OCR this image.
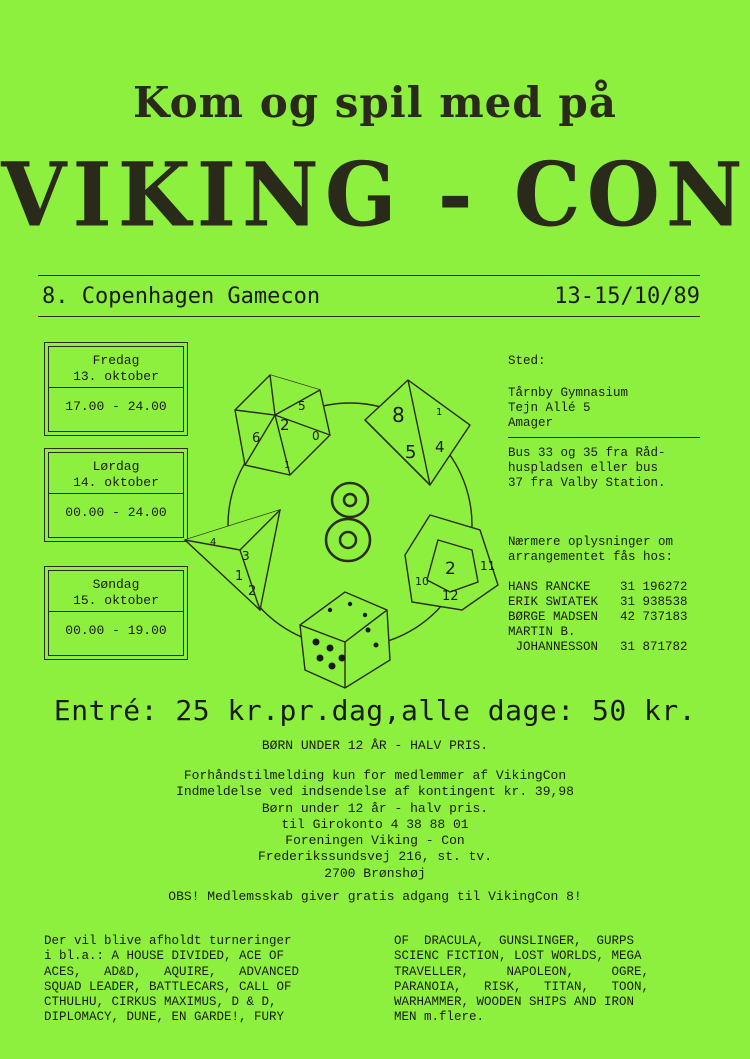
Kom og spil med på
VIKING - CON
8. Copenhagen Gamecon	13-15/10/89
Fredag
13. oktober
17.00 - 24.00
Lørdag
14. oktober
00.00 - 24.00
Søndag
15. oktober
00.00 - 19.00
2
5
0
6
1
8
5 4
1
1
2
3
4
10
2
12
11
Sted:
Tårnby Gymnasium
Tejn Allé 5
Amager
Bus 33 og 35 fra Råd-
huspladsen eller bus
37 fra Valby Station.
Nærmere oplysninger om
arrangementet fås hos:
HANS RANCKE 31 196272
ERIK SWIATEK 31 938538
BØRGE MADSEN 42 737183
MARTIN B.
JOHANNESSON 31 871782
Entré: 25 kr.pr.dag,alle dage: 50 kr.
BØRN UNDER 12 ÅR - HALV PRIS.
Forhåndstilmelding kun for medlemmer af VikingCon
Indmeldelse ved indsendelse af kontingent kr. 39,98
Børn under 12 år - halv pris.
til Girokonto 4 38 88 01
Foreningen Viking - Con
Frederikssundsvej 216, st. tv.
2700 Brønshøj
OBS! Medlemsskab giver gratis adgang til VikingCon 8!
Der vil blive afholdt turneringer
i bl.a.: A HOUSE DIVIDED, ACE OF
ACES,   AD&D,   AQUIRE,   ADVANCED
SQUAD LEADER, BATTLECARS, CALL OF
CTHULHU, CIRKUS MAXIMUS, D & D,
DIPLOMACY, DUNE, EN GARDE!, FURY
OF  DRACULA,  GUNSLINGER,  GURPS
SCIENC FICTION, LOST WORLDS, MEGA
TRAVELLER,     NAPOLEON,     OGRE,
PARANOIA,   RISK,   TITAN,   TOON,
WARHAMMER, WOODEN SHIPS AND IRON
MEN m.flere.
